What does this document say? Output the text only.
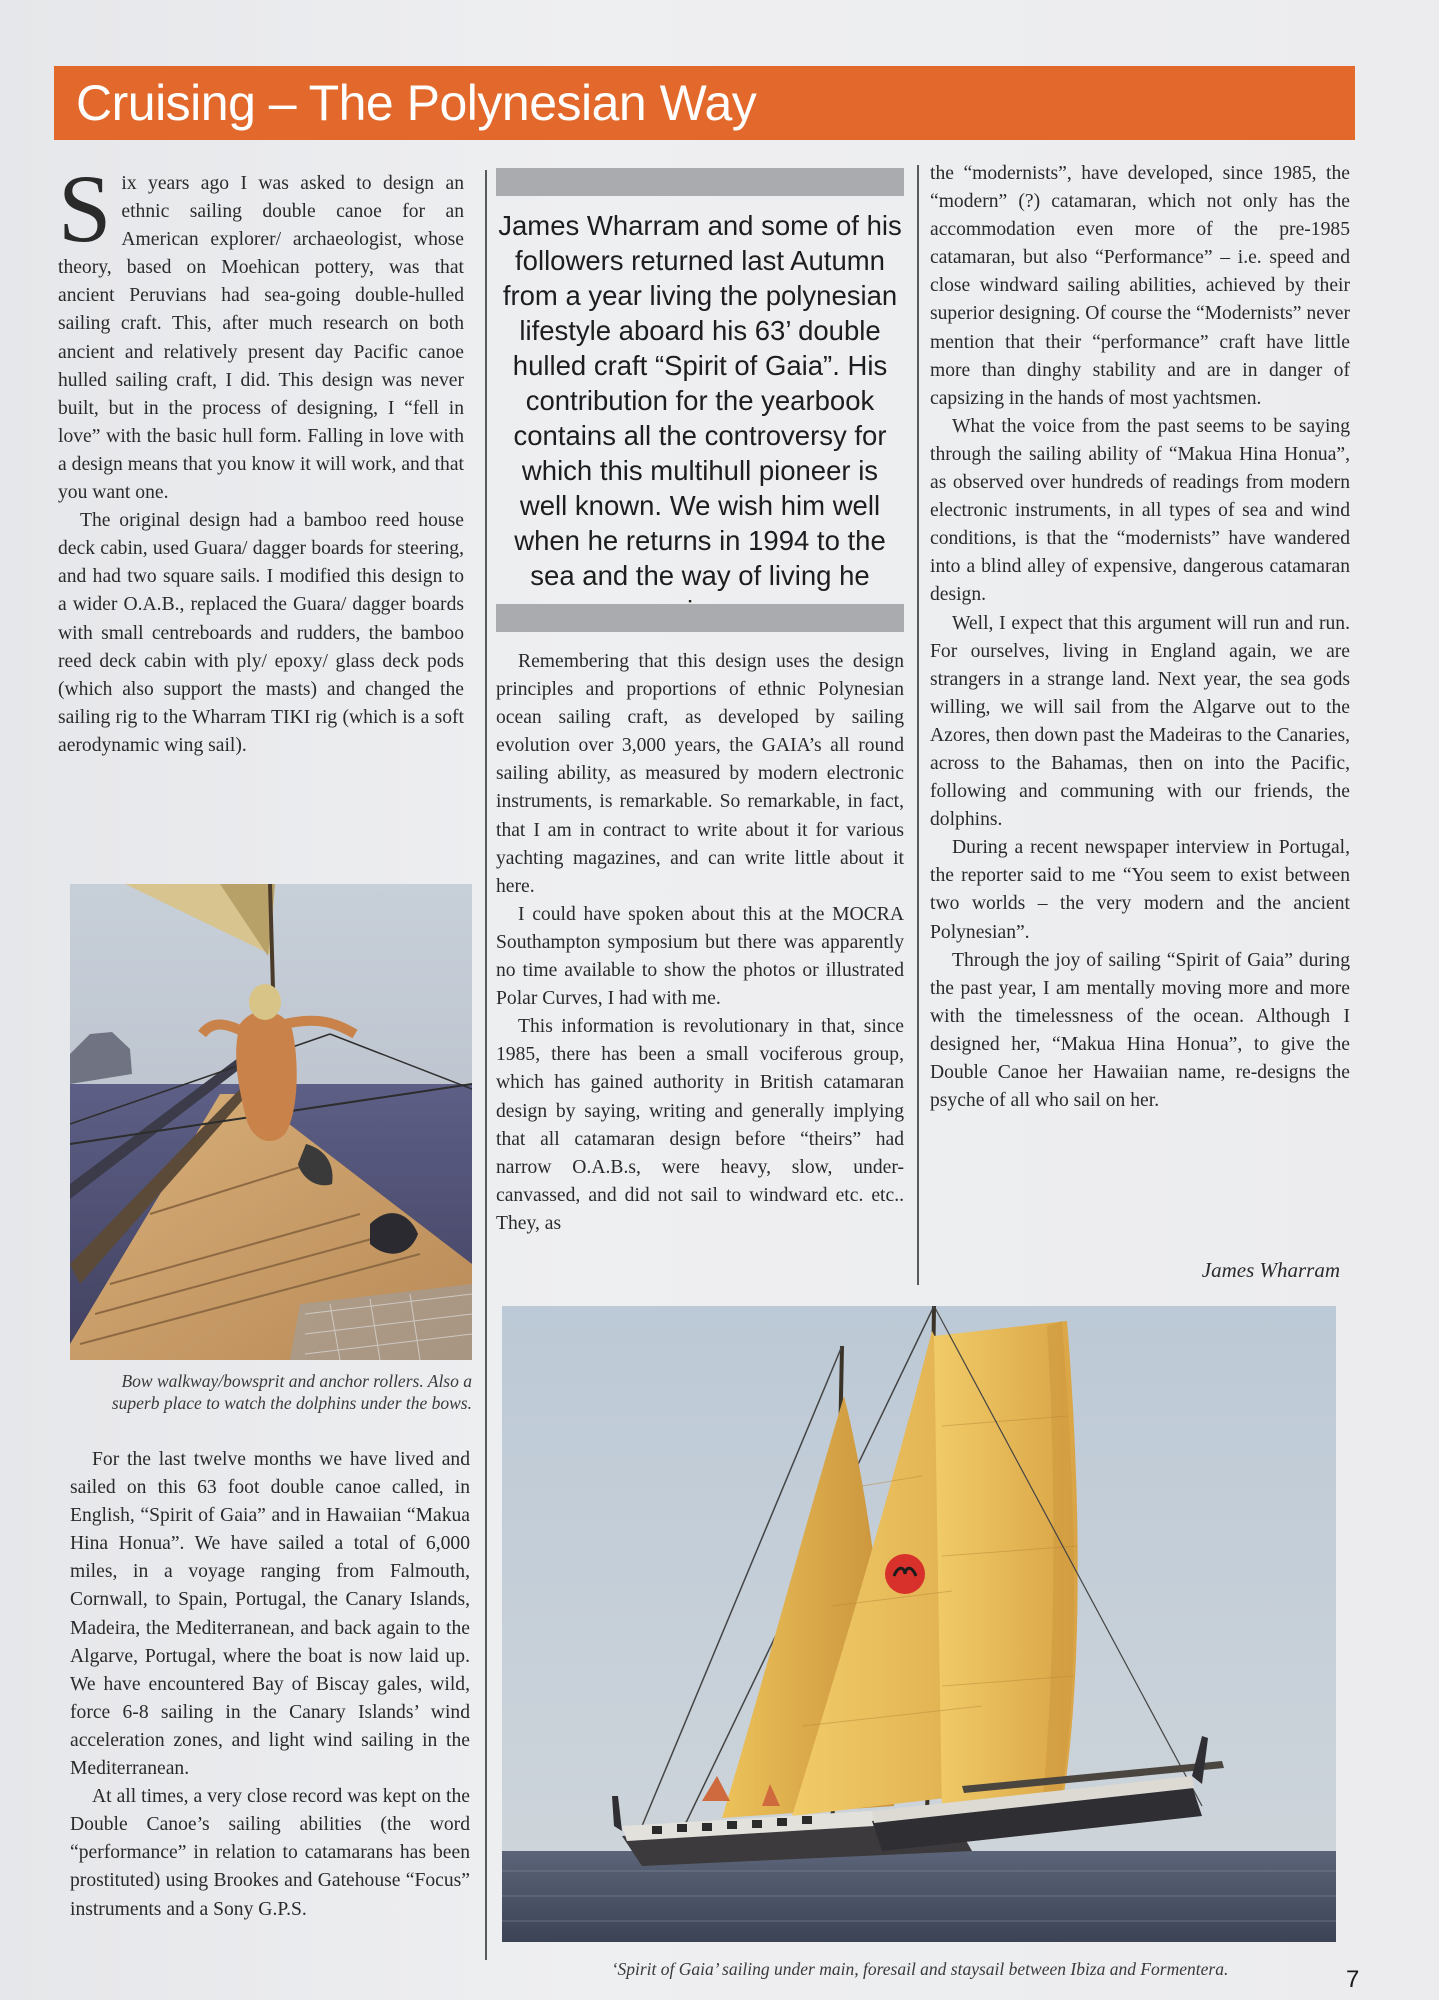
Cruising – The Polynesian Way

Six years ago I was asked to design an ethnic sailing double canoe for an American explorer/ archaeologist, whose theory, based on Moehican pottery, was that ancient Peruvians had sea-going double-hulled sailing craft. This, after much research on both ancient and relatively present day Pacific canoe hulled sailing craft, I did. This design was never built, but in the process of designing, I “fell in love” with the basic hull form. Falling in love with a design means that you know it will work, and that you want one.

The original design had a bamboo reed house deck cabin, used Guara/ dagger boards for steering, and had two square sails. I modified this design to a wider O.A.B., replaced the Guara/ dagger boards with small centreboards and rudders, the bamboo reed deck cabin with ply/ epoxy/ glass deck pods (which also support the masts) and changed the sailing rig to the Wharram TIKI rig (which is a soft aerodynamic wing sail).

Bow walkway/bowsprit and anchor rollers. Also a superb place to watch the dolphins under the bows.

For the last twelve months we have lived and sailed on this 63 foot double canoe called, in English, “Spirit of Gaia” and in Hawaiian “Makua Hina Honua”. We have sailed a total of 6,000 miles, in a voyage ranging from Falmouth, Cornwall, to Spain, Portugal, the Canary Islands, Madeira, the Mediterranean, and back again to the Algarve, Portugal, where the boat is now laid up. We have encountered Bay of Biscay gales, wild, force 6-8 sailing in the Canary Islands’ wind acceleration zones, and light wind sailing in the Mediterranean.

At all times, a very close record was kept on the Double Canoe’s sailing abilities (the word “performance” in relation to catamarans has been prostituted) using Brookes and Gatehouse “Focus” instruments and a Sony G.P.S.

James Wharram and some of his followers returned last Autumn from a year living the polynesian lifestyle aboard his 63’ double hulled craft “Spirit of Gaia”. His contribution for the yearbook contains all the controversy for which this multihull pioneer is well known. We wish him well when he returns in 1994 to the sea and the way of living he

Remembering that this design uses the design principles and proportions of ethnic Polynesian ocean sailing craft, as developed by sailing evolution over 3,000 years, the GAIA’s all round sailing ability, as measured by modern electronic instruments, is remarkable. So remarkable, in fact, that I am in contract to write about it for various yachting magazines, and can write little about it here.

I could have spoken about this at the MOCRA Southampton symposium but there was apparently no time available to show the photos or illustrated Polar Curves, I had with me.

This information is revolutionary in that, since 1985, there has been a small vociferous group, which has gained authority in British catamaran design by saying, writing and generally implying that all catamaran design before “theirs” had narrow O.A.B.s, were heavy, slow, under-canvassed, and did not sail to windward etc. etc.. They, as

the “modernists”, have developed, since 1985, the “modern” (?) catamaran, which not only has the accommodation even more of the pre-1985 catamaran, but also “Performance” – i.e. speed and close windward sailing abilities, achieved by their superior designing. Of course the “Modernists” never mention that their “performance” craft have little more than dinghy stability and are in danger of capsizing in the hands of most yachtsmen.

What the voice from the past seems to be saying through the sailing ability of “Makua Hina Honua”, as observed over hundreds of readings from modern electronic instruments, in all types of sea and wind conditions, is that the “modernists” have wandered into a blind alley of expensive, dangerous catamaran design.

Well, I expect that this argument will run and run. For ourselves, living in England again, we are strangers in a strange land. Next year, the sea gods willing, we will sail from the Algarve out to the Azores, then down past the Madeiras to the Canaries, across to the Bahamas, then on into the Pacific, following and communing with our friends, the dolphins.

During a recent newspaper interview in Portugal, the reporter said to me “You seem to exist between two worlds – the very modern and the ancient Polynesian”.

Through the joy of sailing “Spirit of Gaia” during the past year, I am mentally moving more and more with the timelessness of the ocean. Although I designed her, “Makua Hina Honua”, to give the Double Canoe her Hawaiian name, re-designs the psyche of all who sail on her.

James Wharram
‘Spirit of Gaia’ sailing under main, foresail and staysail between Ibiza and Formentera.	7
